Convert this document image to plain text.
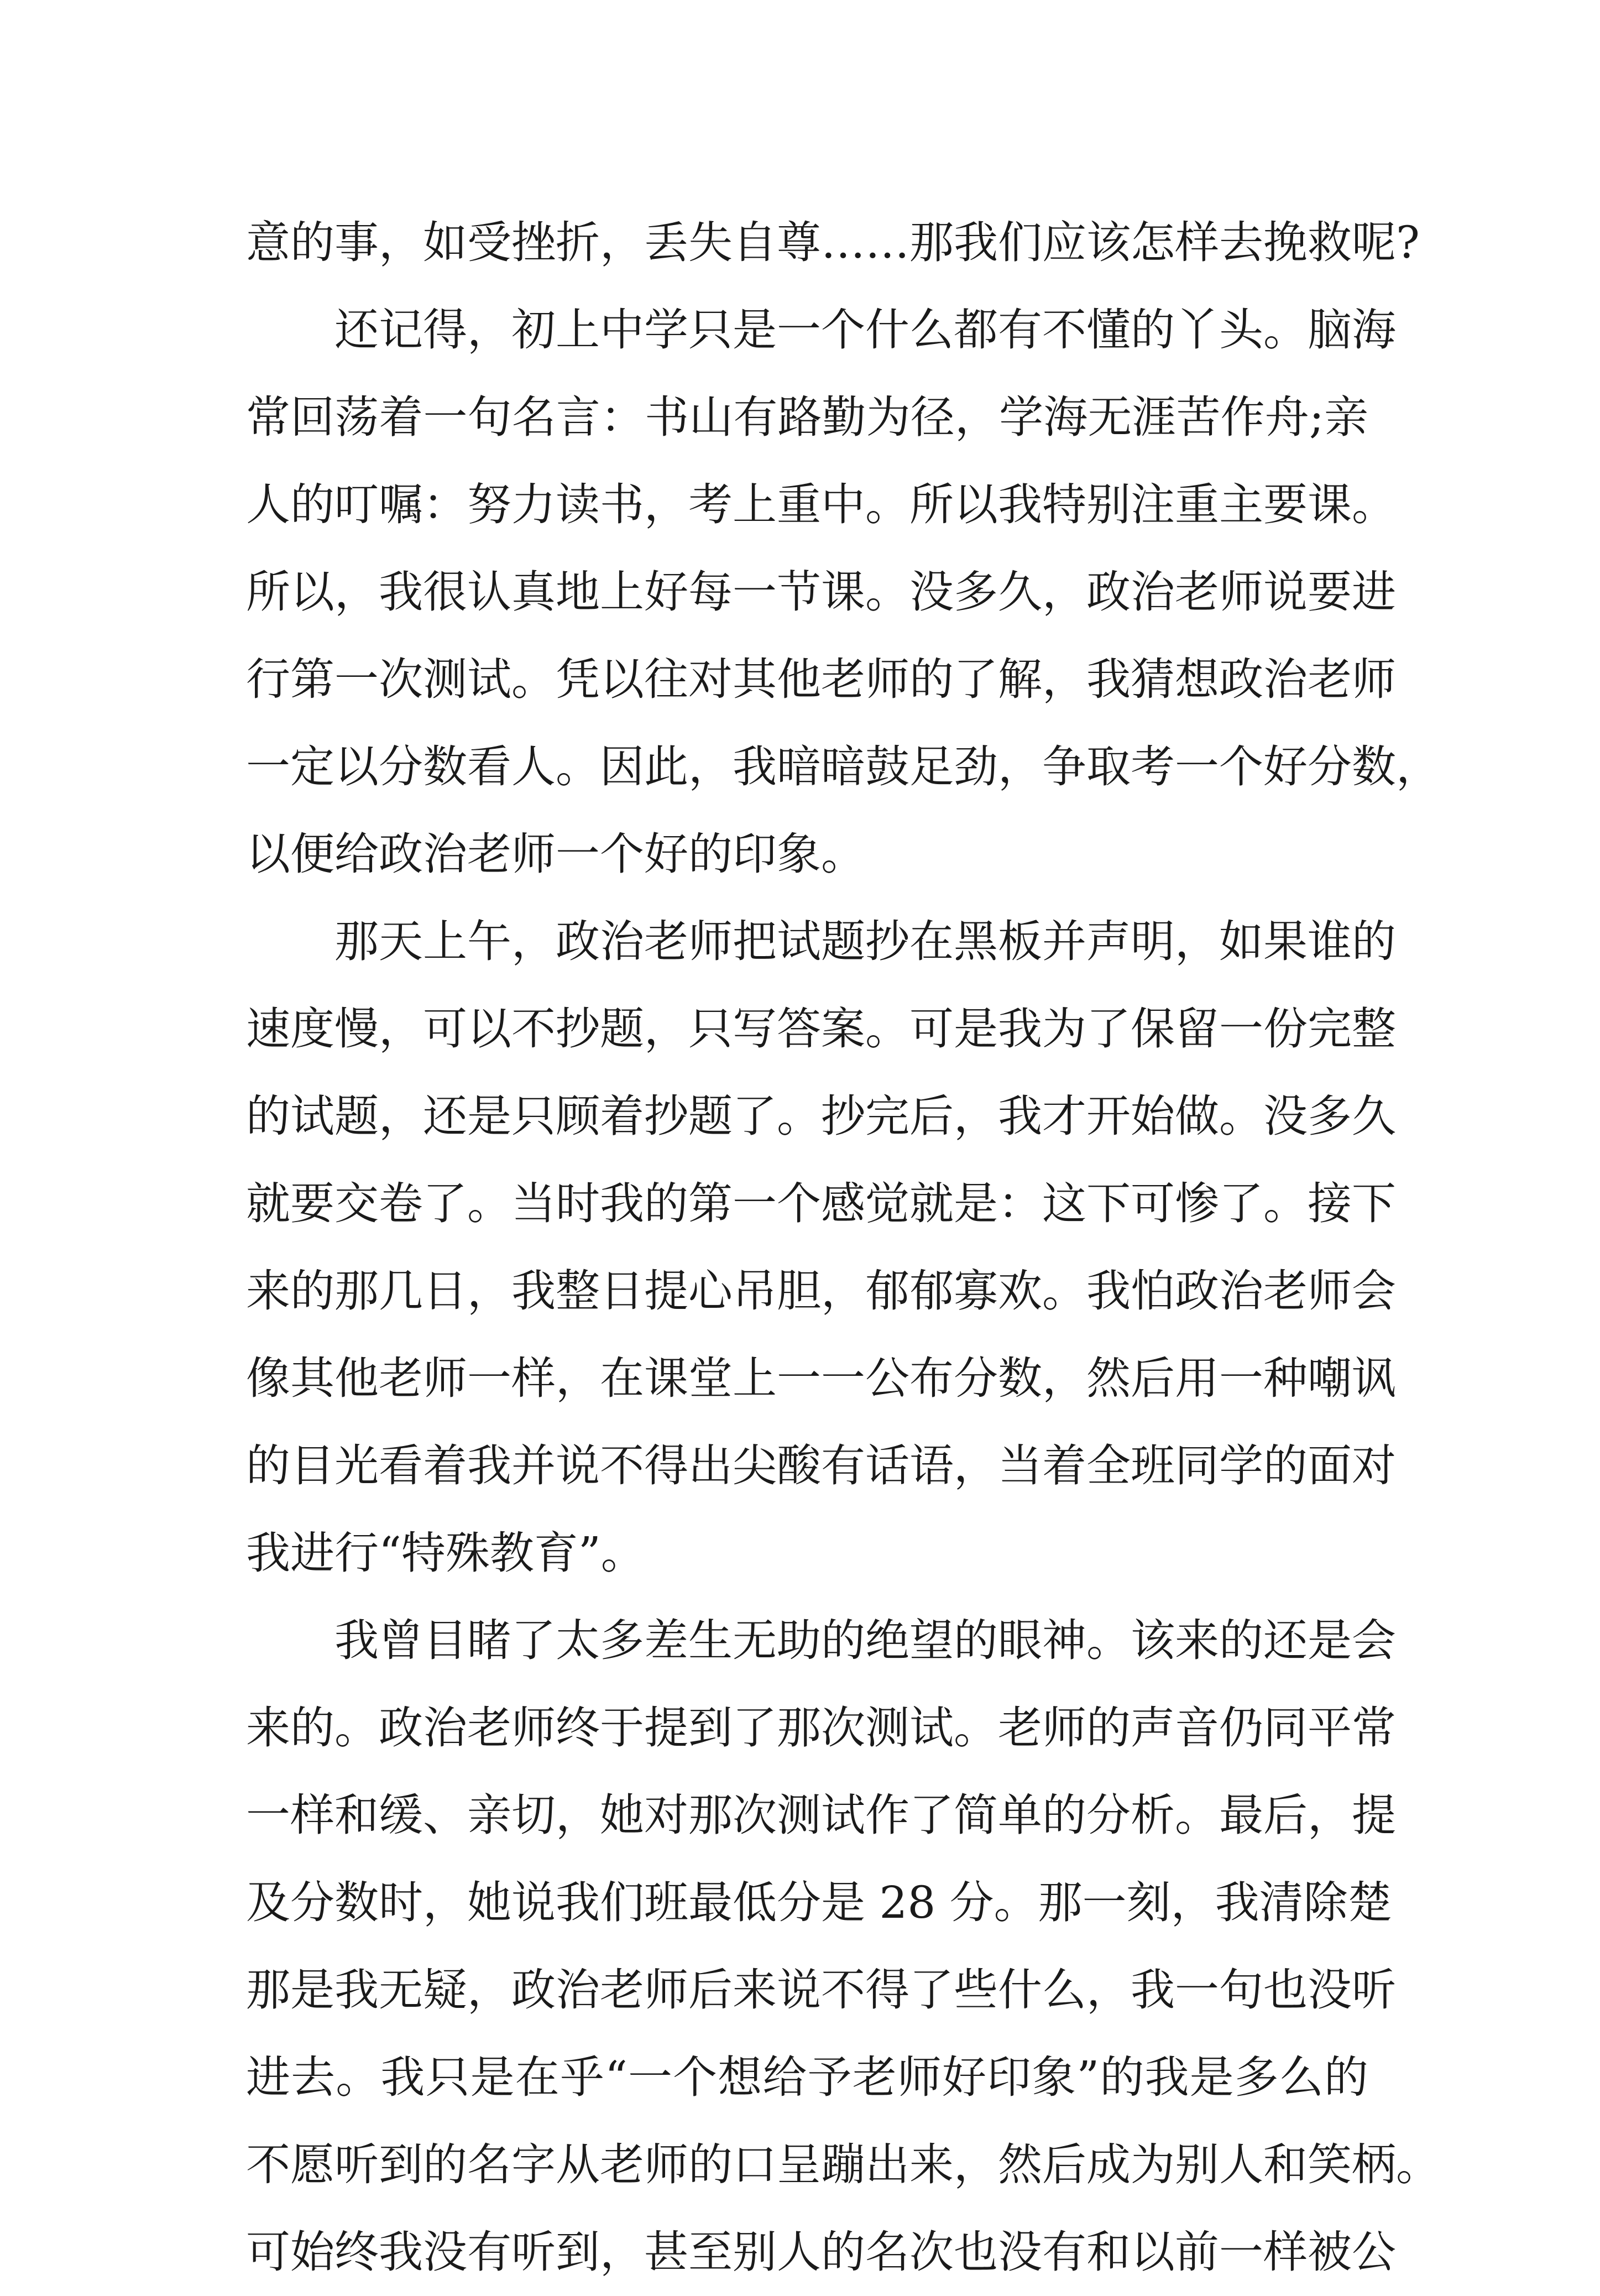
意的事，如受挫折，丢失自尊……那我们应该怎样去挽救呢?
还记得，初上中学只是一个什么都有不懂的丫头。脑海
常回荡着一句名言：书山有路勤为径，学海无涯苦作舟;亲
人的叮嘱：努力读书，考上重中。所以我特别注重主要课。
所以，我很认真地上好每一节课。没多久，政治老师说要进
行第一次测试。凭以往对其他老师的了解，我猜想政治老师
一定以分数看人。因此，我暗暗鼓足劲，争取考一个好分数，
以便给政治老师一个好的印象。
那天上午，政治老师把试题抄在黑板并声明，如果谁的
速度慢，可以不抄题，只写答案。可是我为了保留一份完整
的试题，还是只顾着抄题了。抄完后，我才开始做。没多久
就要交卷了。当时我的第一个感觉就是：这下可惨了。接下
来的那几日，我整日提心吊胆，郁郁寡欢。我怕政治老师会
像其他老师一样，在课堂上一一公布分数，然后用一种嘲讽
的目光看着我并说不得出尖酸有话语，当着全班同学的面对
我进行“特殊教育”。
我曾目睹了太多差生无助的绝望的眼神。该来的还是会
来的。政治老师终于提到了那次测试。老师的声音仍同平常
一样和缓、亲切，她对那次测试作了简单的分析。最后，提
及分数时，她说我们班最低分是 28 分。那一刻，我清除楚
那是我无疑，政治老师后来说不得了些什么，我一句也没听
进去。我只是在乎“一个想给予老师好印象”的我是多么的
不愿听到的名字从老师的口呈蹦出来，然后成为别人和笑柄。
可始终我没有听到，甚至别人的名次也没有和以前一样被公
